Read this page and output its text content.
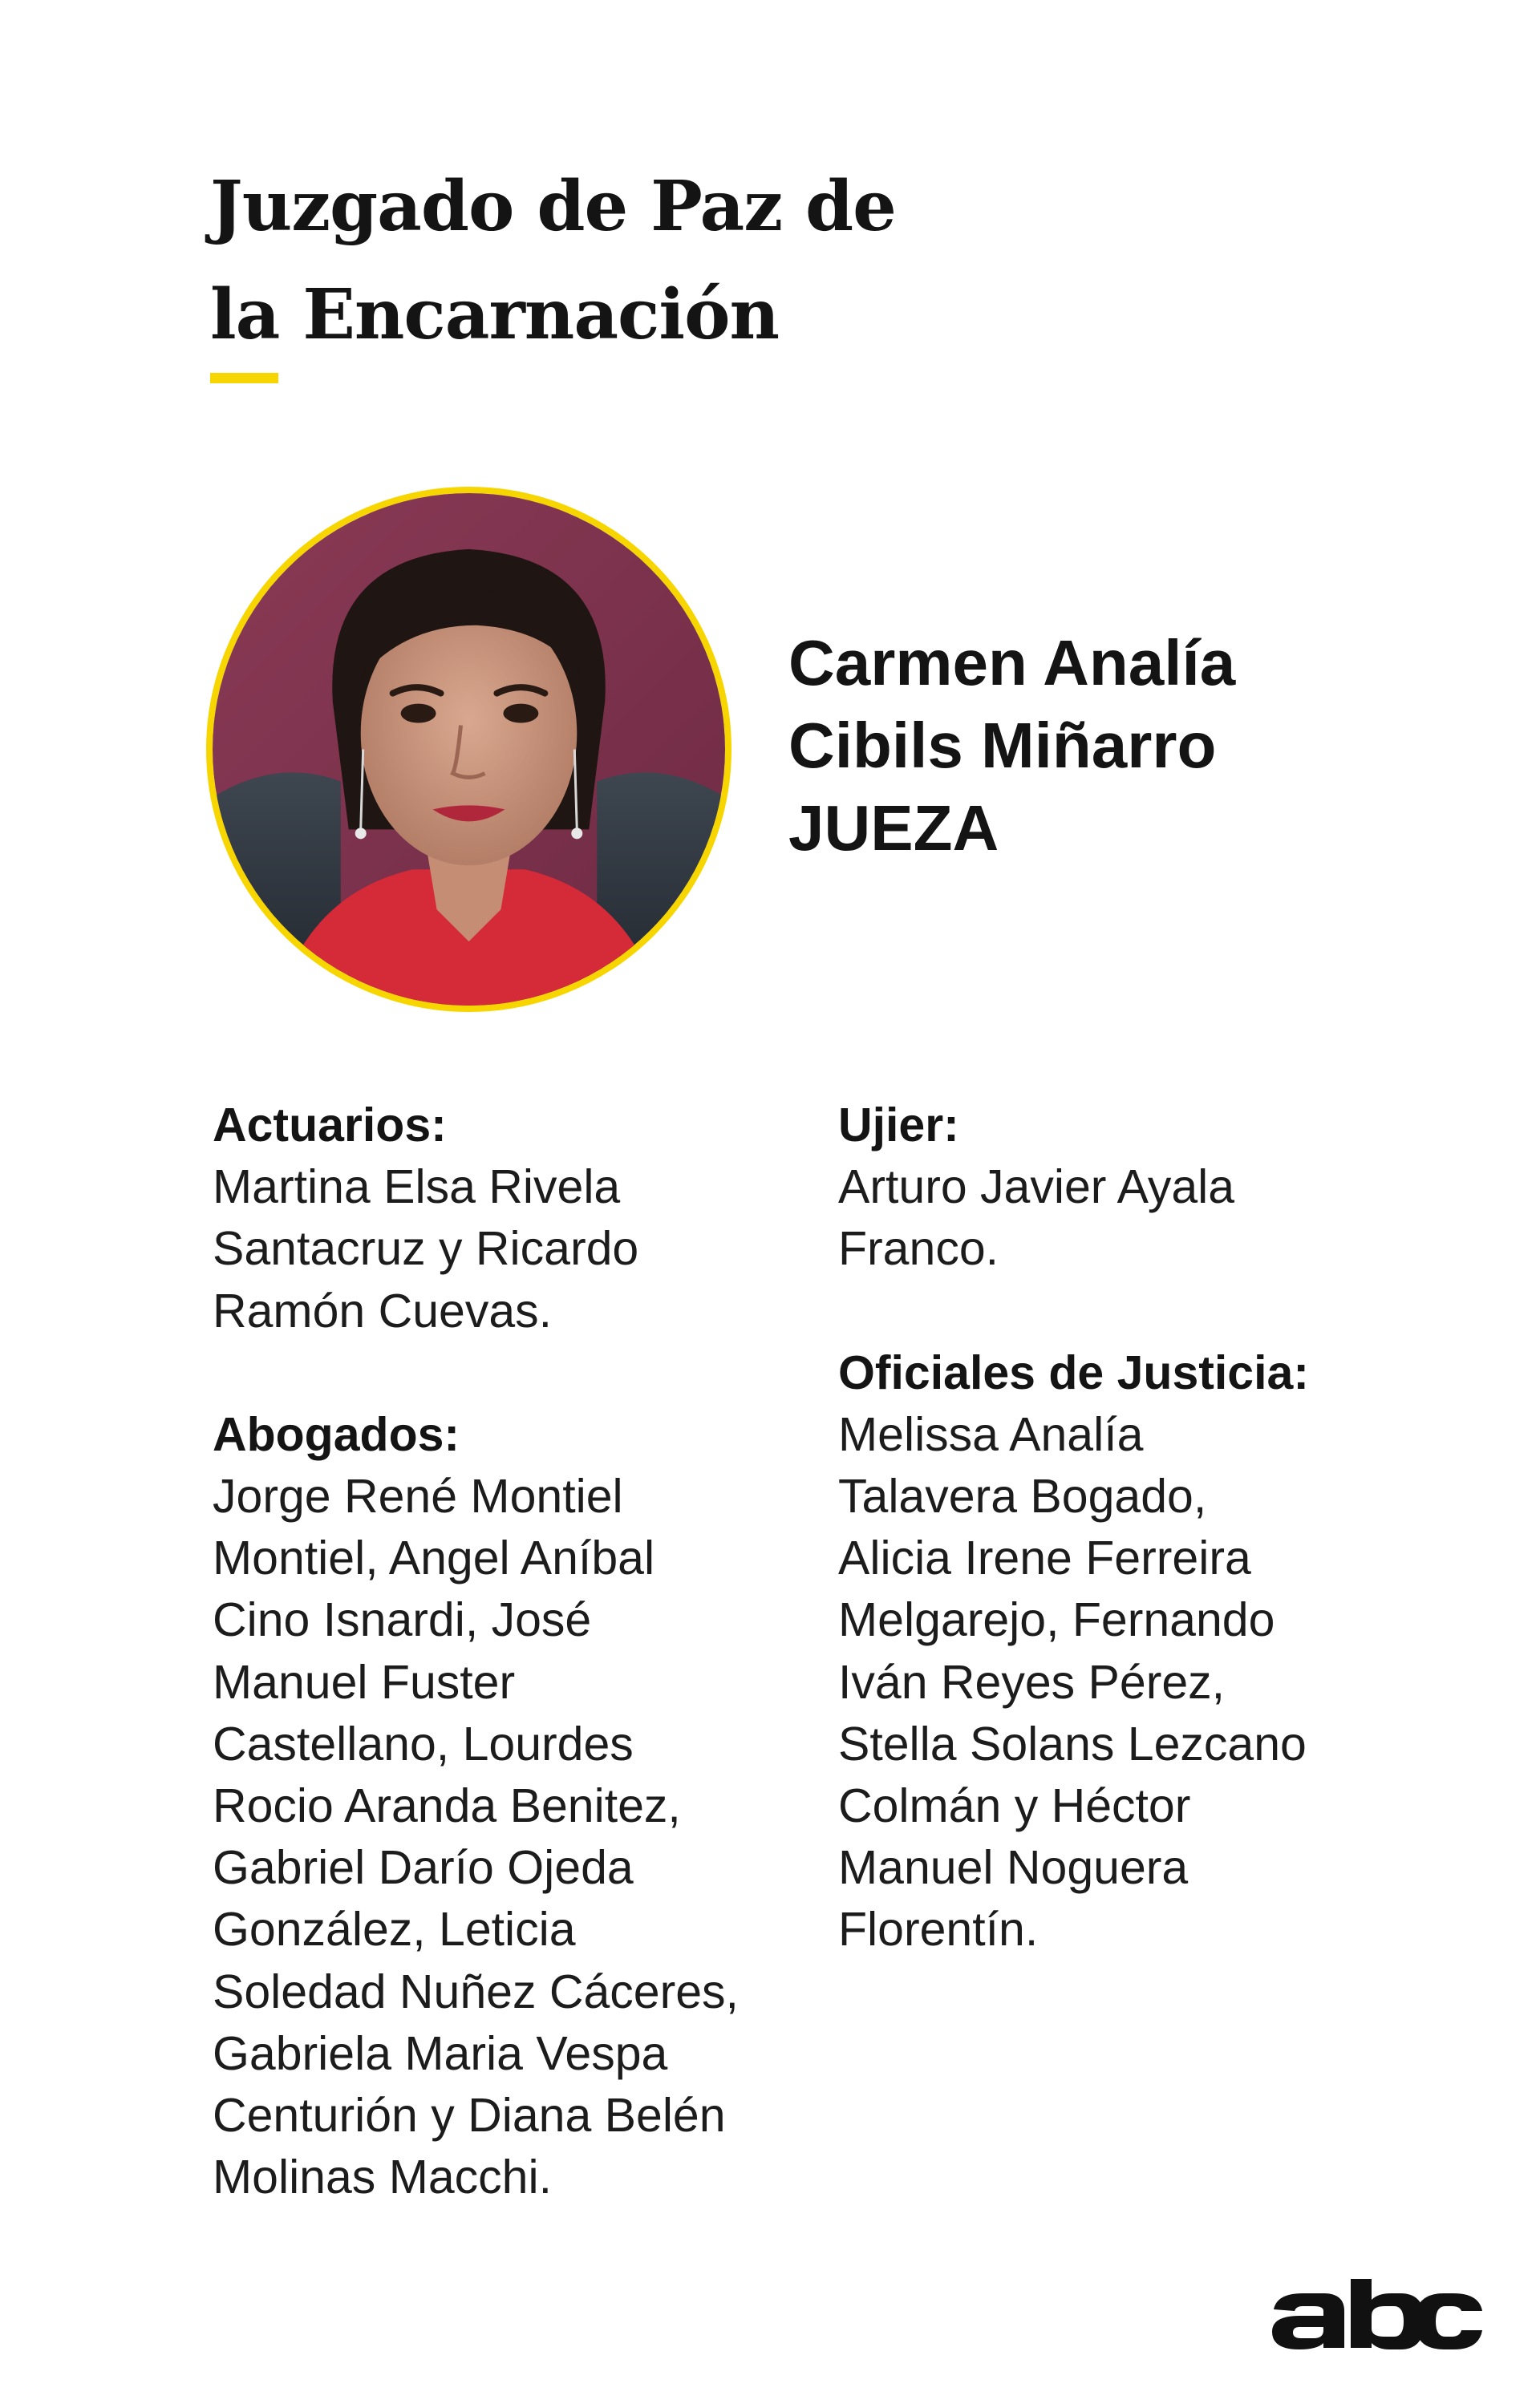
Juzgado de Paz de
la Encarnación
Carmen Analía
Cibils Miñarro
JUEZA
Actuarios:
Martina Elsa Rivela
Santacruz y Ricardo
Ramón Cuevas.
Abogados:
Jorge René Montiel
Montiel, Angel Aníbal
Cino Isnardi, José
Manuel Fuster
Castellano, Lourdes
Rocio Aranda Benitez,
Gabriel Darío Ojeda
González, Leticia
Soledad Nuñez Cáceres,
Gabriela Maria Vespa
Centurión y Diana Belén
Molinas Macchi.
Ujier:
Arturo Javier Ayala
Franco.
Oficiales de Justicia:
Melissa Analía
Talavera Bogado,
Alicia Irene Ferreira
Melgarejo, Fernando
Iván Reyes Pérez,
Stella Solans Lezcano
Colmán y Héctor
Manuel Noguera
Florentín.
